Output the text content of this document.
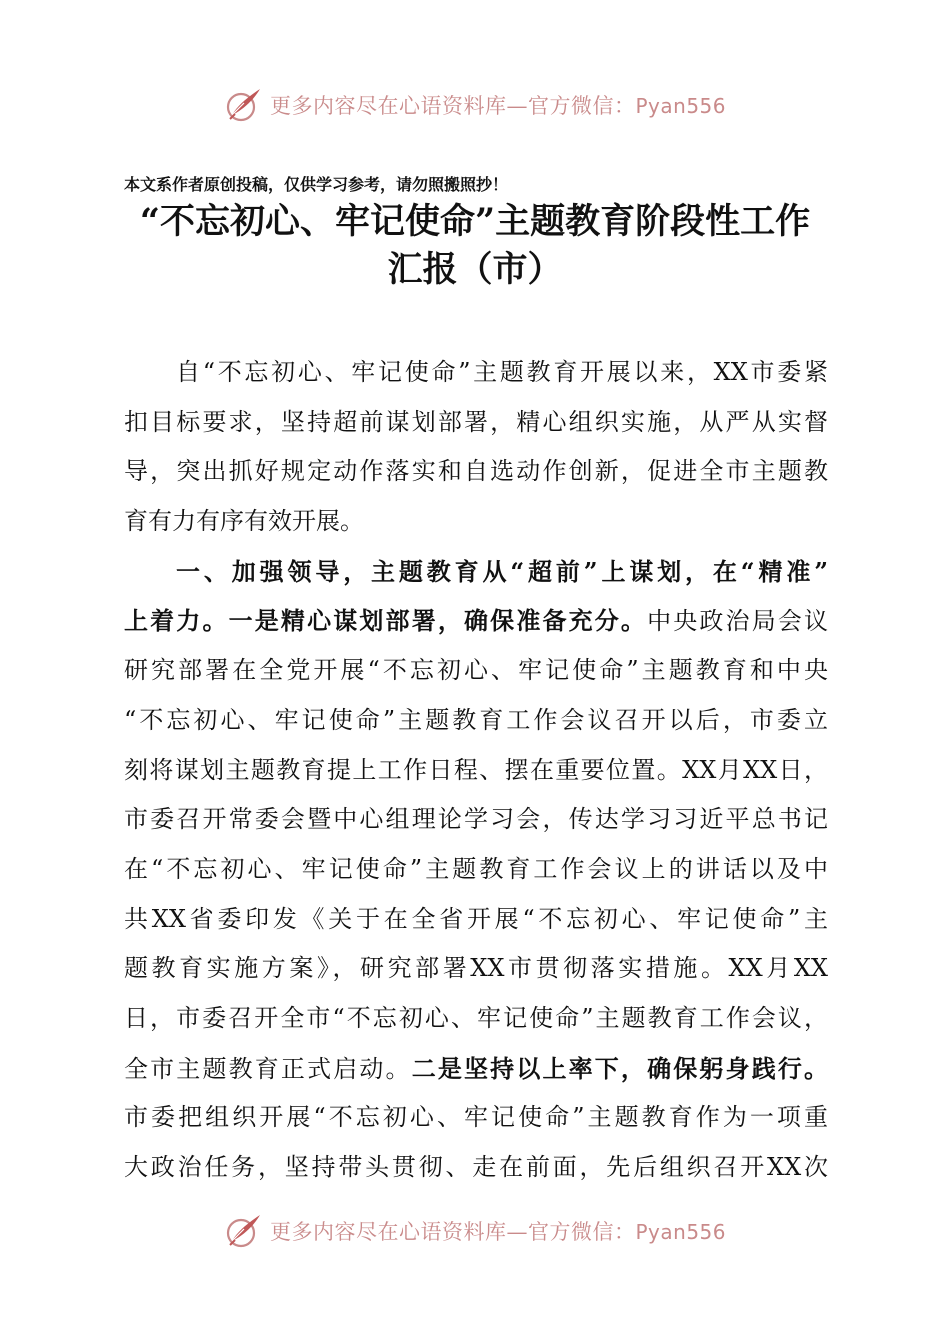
更多内容尽在心语资料库—官方微信：Pyan556
本文系作者原创投稿，仅供学习参考，请勿照搬照抄！
“不忘初心、牢记使命”主题教育阶段性工作
汇报（市）
自“不忘初心、牢记使命”主题教育开展以来，XX市委紧
扣目标要求，坚持超前谋划部署，精心组织实施，从严从实督
导，突出抓好规定动作落实和自选动作创新，促进全市主题教
育有力有序有效开展。
一、加强领导，主题教育从“超前”上谋划，在“精准”
上着力。一是精心谋划部署，确保准备充分。中央政治局会议
研究部署在全党开展“不忘初心、牢记使命”主题教育和中央
“不忘初心、牢记使命”主题教育工作会议召开以后，市委立
刻将谋划主题教育提上工作日程、摆在重要位置。XX月XX日，
市委召开常委会暨中心组理论学习会，传达学习习近平总书记
在“不忘初心、牢记使命”主题教育工作会议上的讲话以及中
共XX省委印发《关于在全省开展“不忘初心、牢记使命”主
题教育实施方案》，研究部署XX市贯彻落实措施。XX月XX
日，市委召开全市“不忘初心、牢记使命”主题教育工作会议，
全市主题教育正式启动。二是坚持以上率下，确保躬身践行。
市委把组织开展“不忘初心、牢记使命”主题教育作为一项重
大政治任务，坚持带头贯彻、走在前面，先后组织召开XX次
更多内容尽在心语资料库—官方微信：Pyan556
